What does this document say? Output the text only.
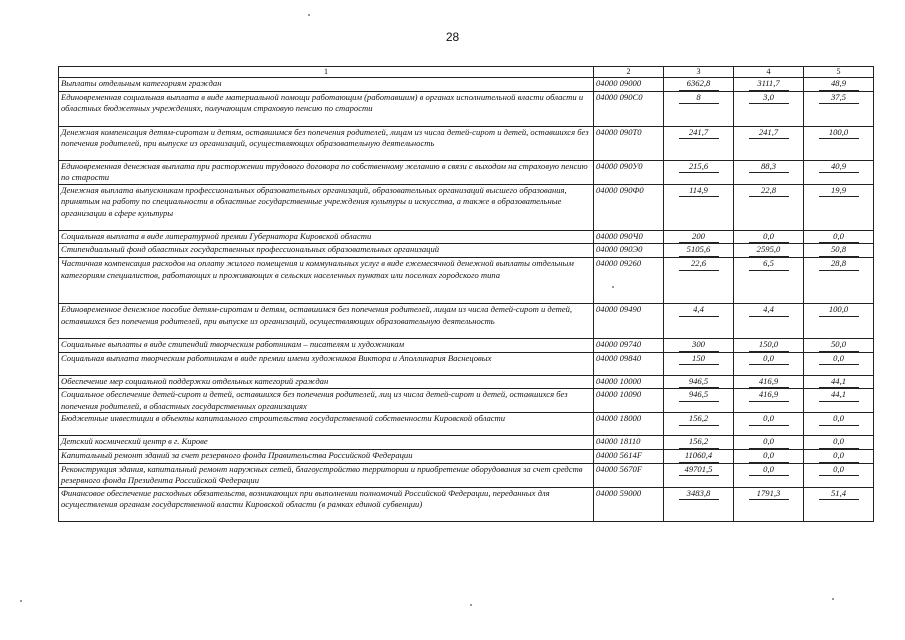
28
1	2	3	4	5
Выплаты отдельным категориям граждан	04000 09000	6362,8	3111,7	48,9
Единовременная социальная выплата в виде материальной помощи работающим (работавшим) в органах исполнительной власти области и областных бюджетных учреждениях, получающим страховую пенсию по старости	04000 090С0	8	3,0	37,5
Денежная компенсация детям-сиротам и детям, оставшимся без попечения родителей, лицам из числа детей-сирот и детей, оставшихся без попечения родителей, при выпуске из организаций, осуществляющих образовательную деятельность	04000 090Т0	241,7	241,7	100,0
Единовременная денежная выплата при расторжении трудового договора по собственному желанию в связи с выходом на страховую пенсию по старости	04000 090У0	215,6	88,3	40,9
Денежная выплата выпускникам профессиональных образовательных организаций, образовательных организаций высшего образования, принятым на работу по специальности в областные государственные учреждения культуры и искусства, а также в образовательные организации в сфере культуры	04000 090Ф0	114,9	22,8	19,9
Социальная выплата в виде литературной премии Губернатора Кировской области	04000 090Ч0	200	0,0	0,0
Стипендиальный фонд областных государственных профессиональных образовательных организаций	04000 090Э0	5105,6	2595,0	50,8
Частичная компенсация расходов на оплату жилого помещения и коммунальных услуг в виде ежемесячной денежной выплаты отдельным категориям специалистов, работающих и проживающих в сельских населенных пунктах или поселках городского типа	04000 09260	22,6	6,5	28,8
Единовременное денежное пособие детям-сиротам и детям, оставшимся без попечения родителей, лицам из числа детей-сирот и детей, оставшихся без попечения родителей, при выпуске из организаций, осуществляющих образовательную деятельность	04000 09490	4,4	4,4	100,0
Социальные выплаты в виде стипендий творческим работникам – писателям и художникам	04000 09740	300	150,0	50,0
Социальная выплата творческим работникам в виде премии имени художников Виктора и Аполлинария Васнецовых	04000 09840	150	0,0	0,0
Обеспечение мер социальной поддержки отдельных категорий граждан	04000 10000	946,5	416,9	44,1
Социальное обеспечение детей-сирот и детей, оставшихся без попечения родителей, лиц из числа детей-сирот и детей, оставшихся без попечения родителей, в областных государственных организациях	04000 10090	946,5	416,9	44,1
Бюджетные инвестиции в объекты капитального строительства государственной собственности Кировской области	04000 18000	156,2	0,0	0,0
Детский космический центр в г. Кирове	04000 18110	156,2	0,0	0,0
Капитальный ремонт зданий за счет резервного фонда Правительства Российской Федерации	04000 5614F	11060,4	0,0	0,0
Реконструкция здания, капитальный ремонт наружных сетей, благоустройство территории и приобретение оборудования за счет средств резервного фонда Президента Российской Федерации	04000 5670F	49701,5	0,0	0,0
Финансовое обеспечение расходных обязательств, возникающих при выполнении полномочий Российской Федерации, переданных для осуществления органам государственной власти Кировской области (в рамках единой субвенции)	04000 59000	3483,8	1791,3	51,4
